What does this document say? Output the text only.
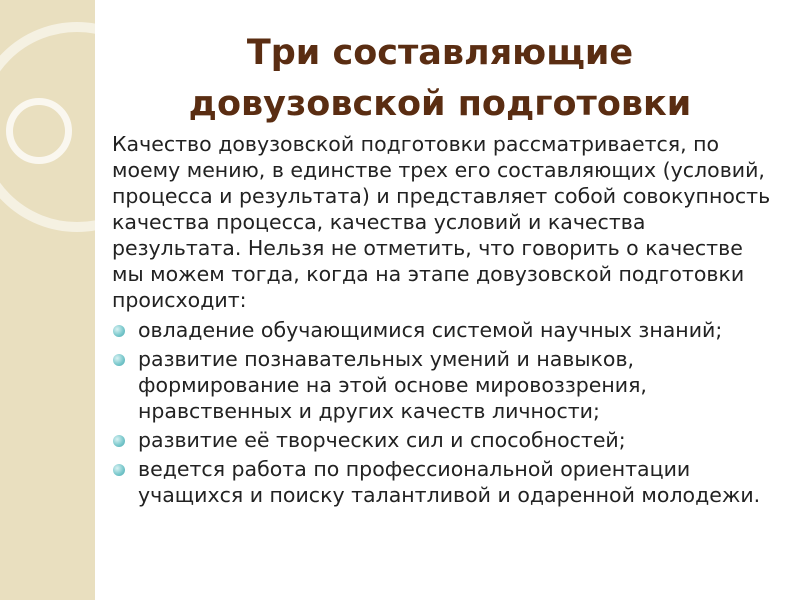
Три составляющие
довузовской подготовки

Качество довузовской подготовки рассматривается, по моему мению, в единстве трех его составляющих (условий, процесса и результата) и представляет собой совокупность качества процесса, качества условий и качества результата. Нельзя не отметить, что говорить о качестве мы можем тогда, когда на этапе довузовской подготовки происходит:

овладение обучающимися системой научных знаний;
развитие познавательных умений и навыков, формирование на этой основе мировоззрения, нравственных и других качеств личности;
развитие её творческих сил и способностей;
ведется работа по профессиональной ориентации учащихся и поиску талантливой и одаренной молодежи.
